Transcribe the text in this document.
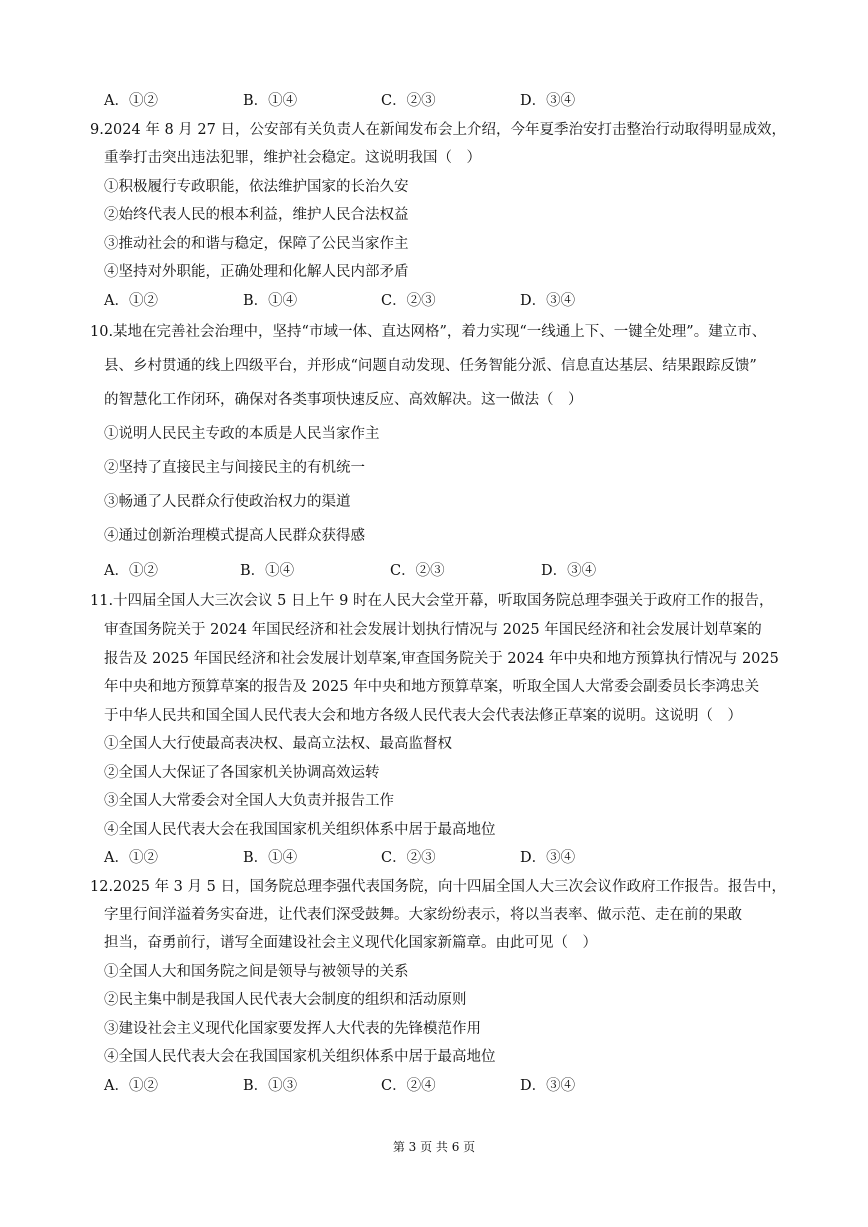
A．①②	B．①④	C．②③	D．③④
9.2024 年 8 月 27 日，公安部有关负责人在新闻发布会上介绍，今年夏季治安打击整治行动取得明显成效，
重拳打击突出违法犯罪，维护社会稳定。这说明我国（　）
①积极履行专政职能，依法维护国家的长治久安
②始终代表人民的根本利益，维护人民合法权益
③推动社会的和谐与稳定，保障了公民当家作主
④坚持对外职能，正确处理和化解人民内部矛盾
A．①②	B．①④	C．②③	D．③④
10.某地在完善社会治理中，坚持“市域一体、直达网格”，着力实现“一线通上下、一键全处理”。建立市、
县、乡村贯通的线上四级平台，并形成“问题自动发现、任务智能分派、信息直达基层、结果跟踪反馈”
的智慧化工作闭环，确保对各类事项快速反应、高效解决。这一做法（　）
①说明人民民主专政的本质是人民当家作主
②坚持了直接民主与间接民主的有机统一
③畅通了人民群众行使政治权力的渠道
④通过创新治理模式提高人民群众获得感
A．①②	B．①④	C．②③	D．③④
11.十四届全国人大三次会议 5 日上午 9 时在人民大会堂开幕，听取国务院总理李强关于政府工作的报告，
审查国务院关于 2024 年国民经济和社会发展计划执行情况与 2025 年国民经济和社会发展计划草案的
报告及 2025 年国民经济和社会发展计划草案,审查国务院关于 2024 年中央和地方预算执行情况与 2025
年中央和地方预算草案的报告及 2025 年中央和地方预算草案，听取全国人大常委会副委员长李鸿忠关
于中华人民共和国全国人民代表大会和地方各级人民代表大会代表法修正草案的说明。这说明（　）
①全国人大行使最高表决权、最高立法权、最高监督权
②全国人大保证了各国家机关协调高效运转
③全国人大常委会对全国人大负责并报告工作
④全国人民代表大会在我国国家机关组织体系中居于最高地位
A．①②	B．①④	C．②③	D．③④
12.2025 年 3 月 5 日，国务院总理李强代表国务院，向十四届全国人大三次会议作政府工作报告。报告中，
字里行间洋溢着务实奋进，让代表们深受鼓舞。大家纷纷表示，将以当表率、做示范、走在前的果敢
担当，奋勇前行，谱写全面建设社会主义现代化国家新篇章。由此可见（　）
①全国人大和国务院之间是领导与被领导的关系
②民主集中制是我国人民代表大会制度的组织和活动原则
③建设社会主义现代化国家要发挥人大代表的先锋模范作用
④全国人民代表大会在我国国家机关组织体系中居于最高地位
A．①②	B．①③	C．②④	D．③④
第 3 页 共 6 页
